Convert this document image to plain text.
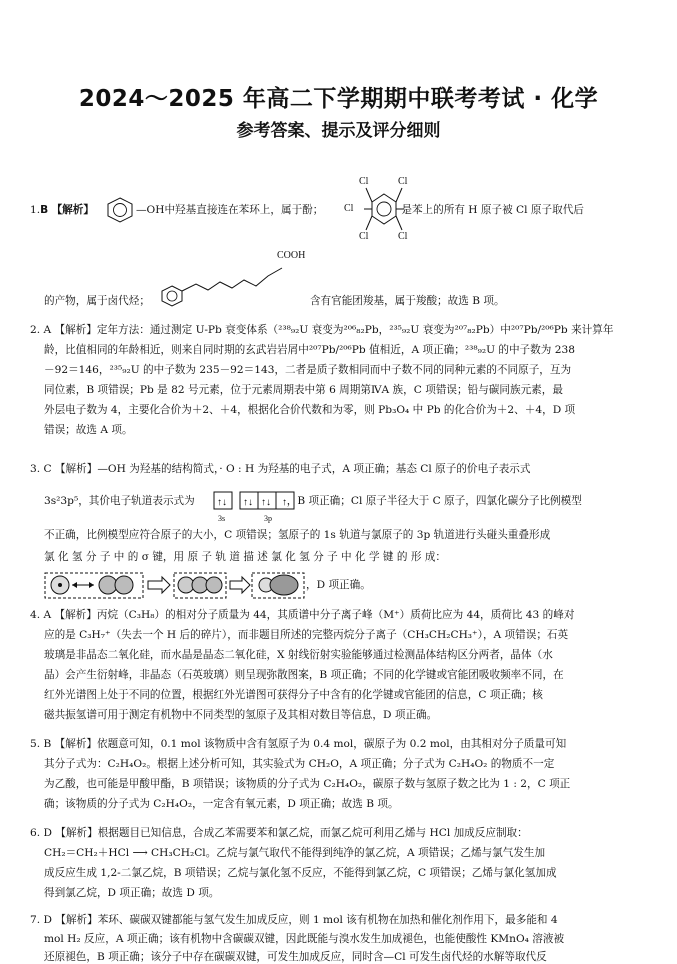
2024～2025 年高二下学期期中联考考试 · 化学
参考答案、提示及评分细则
1.B 【解析】	—OH中羟基直接连在苯环上，属于酚；	是苯上的所有 H 原子被 Cl 原子取代后
Cl	Cl
Cl
Cl	Cl
COOH
的产物，属于卤代烃；	含有官能团羧基，属于羧酸；故选 B 项。
2. A 【解析】定年方法：通过测定 U-Pb 衰变体系（²³⁸₉₂U 衰变为²⁰⁶₈₂Pb，²³⁵₉₂U 衰变为²⁰⁷₈₂Pb）中²⁰⁷Pb/²⁰⁶Pb 来计算年
龄，比值相同的年龄相近，则来自同时期的玄武岩岩屑中²⁰⁷Pb/²⁰⁶Pb 值相近，A 项正确；²³⁸₉₂U 的中子数为 238
－92＝146，²³⁵₉₂U 的中子数为 235－92＝143，二者是质子数相同而中子数不同的同种元素的不同原子，互为
同位素，B 项错误；Pb 是 82 号元素，位于元素周期表中第 6 周期第ⅣA 族，C 项错误；铅与碳同族元素，最
外层电子数为 4，主要化合价为＋2、＋4，根据化合价代数和为零，则 Pb₃O₄ 中 Pb 的化合价为＋2、＋4，D 项
错误；故选 A 项。
3. C 【解析】—OH 为羟基的结构简式，· O : H 为羟基的电子式，A 项正确；基态 Cl 原子的价电子表示式
3s²3p⁵，其价电子轨道表示式为	，B 项正确；Cl 原子半径大于 C 原子，四氯化碳分子比例模型
↑↓ ↑↓ ↑↓ ↑
3s	3p
不正确，比例模型应符合原子的大小，C 项错误；氢原子的 1s 轨道与氯原子的 3p 轨道进行头碰头重叠形成
氯 化 氢 分 子 中 的 σ 键，用 原 子 轨 道 描 述 氯 化 氢 分 子 中 化 学 键 的 形 成：
，D 项正确。
4. A 【解析】丙烷（C₃H₈）的相对分子质量为 44，其质谱中分子离子峰（M⁺）质荷比应为 44，质荷比 43 的峰对
应的是 C₃H₇⁺（失去一个 H 后的碎片），而非题目所述的完整丙烷分子离子（CH₃CH₂CH₃⁺），A 项错误；石英
玻璃是非晶态二氧化硅，而水晶是晶态二氧化硅，X 射线衍射实验能够通过检测晶体结构区分两者，晶体（水
晶）会产生衍射峰，非晶态（石英玻璃）则呈现弥散图案，B 项正确；不同的化学键或官能团吸收频率不同，在
红外光谱图上处于不同的位置，根据红外光谱图可获得分子中含有的化学键或官能团的信息，C 项正确；核
磁共振氢谱可用于测定有机物中不同类型的氢原子及其相对数目等信息，D 项正确。
5. B 【解析】依题意可知，0.1 mol 该物质中含有氢原子为 0.4 mol，碳原子为 0.2 mol，由其相对分子质量可知
其分子式为：C₂H₄O₂。根据上述分析可知，其实验式为 CH₂O，A 项正确；分子式为 C₂H₄O₂ 的物质不一定
为乙酸，也可能是甲酸甲酯，B 项错误；该物质的分子式为 C₂H₄O₂，碳原子数与氢原子数之比为 1 : 2，C 项正
确；该物质的分子式为 C₂H₄O₂，一定含有氧元素，D 项正确；故选 B 项。
6. D 【解析】根据题目已知信息，合成乙苯需要苯和氯乙烷，而氯乙烷可利用乙烯与 HCl 加成反应制取：
CH₂＝CH₂＋HCl ⟶ CH₃CH₂Cl。乙烷与氯气取代不能得到纯净的氯乙烷，A 项错误；乙烯与氯气发生加
成反应生成 1,2-二氯乙烷，B 项错误；乙烷与氯化氢不反应，不能得到氯乙烷，C 项错误；乙烯与氯化氢加成
得到氯乙烷，D 项正确；故选 D 项。
7. D 【解析】苯环、碳碳双键都能与氢气发生加成反应，则 1 mol 该有机物在加热和催化剂作用下，最多能和 4
mol H₂ 反应，A 项正确；该有机物中含碳碳双键，因此既能与溴水发生加成褪色，也能使酸性 KMnO₄ 溶液被
还原褪色，B 项正确；该分子中存在碳碳双键，可发生加成反应，同时含—Cl 可发生卤代烃的水解等取代反
